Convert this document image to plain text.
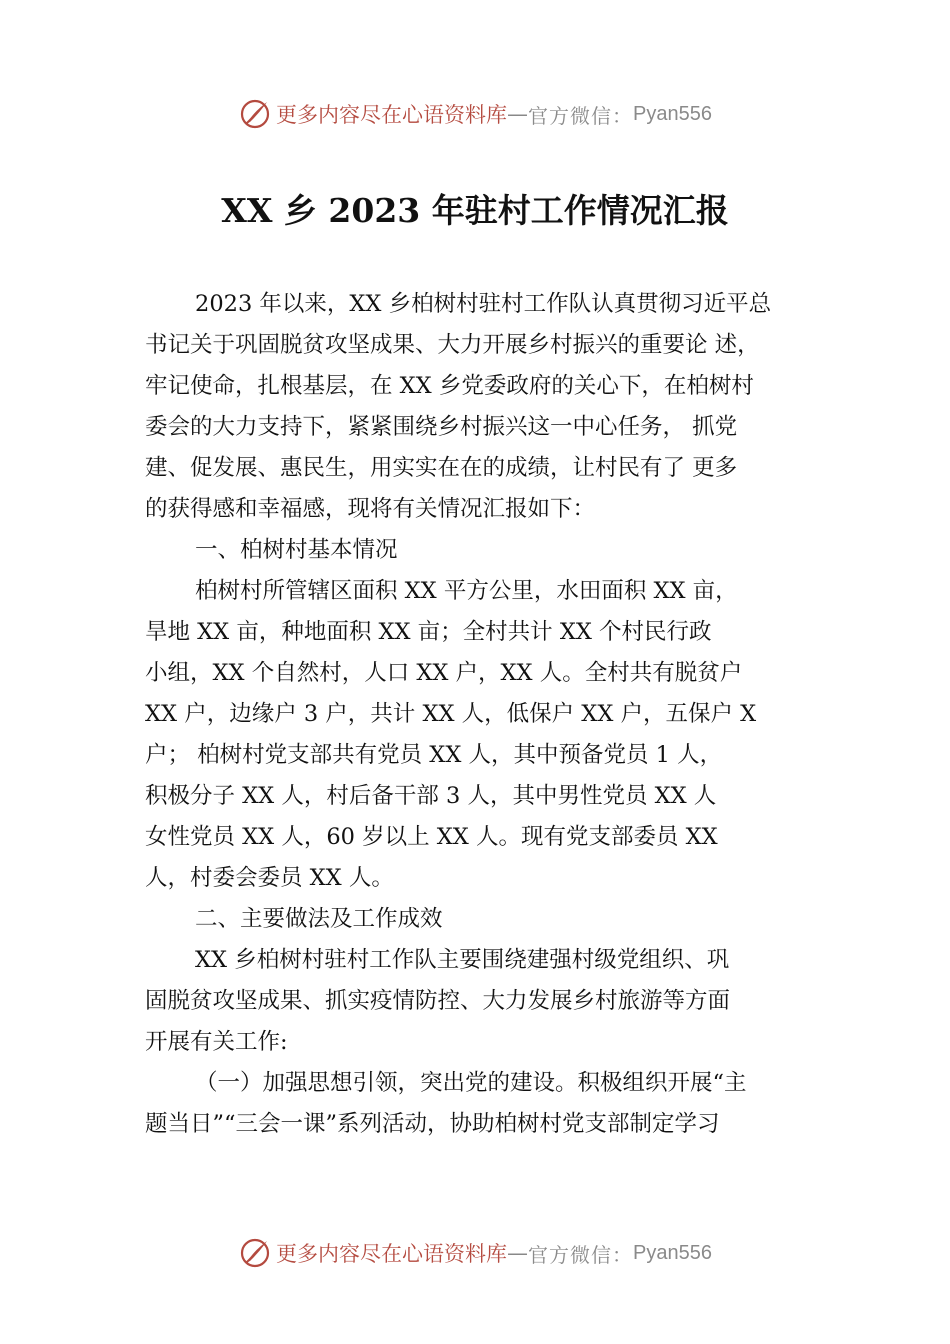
更多内容尽在心语资料库 — 官方微信： Pyan556
XX 乡 2023 年驻村工作情况汇报
2023 年以来，XX 乡柏树村驻村工作队认真贯彻习近平总
书记关于巩固脱贫攻坚成果、大力开展乡村振兴的重要论 述，
牢记使命，扎根基层，在 XX 乡党委政府的关心下，在柏树村
委会的大力支持下，紧紧围绕乡村振兴这一中心任务， 抓党
建、促发展、惠民生，用实实在在的成绩，让村民有了 更多
的获得感和幸福感，现将有关情况汇报如下：
一、柏树村基本情况
柏树村所管辖区面积 XX 平方公里，水田面积 XX 亩，
旱地 XX 亩，种地面积 XX 亩；全村共计 XX 个村民行政
小组，XX 个自然村，人口 XX 户，XX 人。全村共有脱贫户
XX 户，边缘户 3 户，共计 XX 人，低保户 XX 户，五保户 X
户； 柏树村党支部共有党员 XX 人，其中预备党员 1 人，
积极分子 XX 人，村后备干部 3 人，其中男性党员 XX 人
女性党员 XX 人，60 岁以上 XX 人。现有党支部委员 XX
人，村委会委员 XX 人。
二、主要做法及工作成效
XX 乡柏树村驻村工作队主要围绕建强村级党组织、巩
固脱贫攻坚成果、抓实疫情防控、大力发展乡村旅游等方面
开展有关工作:
（一）加强思想引领，突出党的建设。积极组织开展“主
题当日”“三会一课”系列活动，协助柏树村党支部制定学习
更多内容尽在心语资料库 — 官方微信： Pyan556
